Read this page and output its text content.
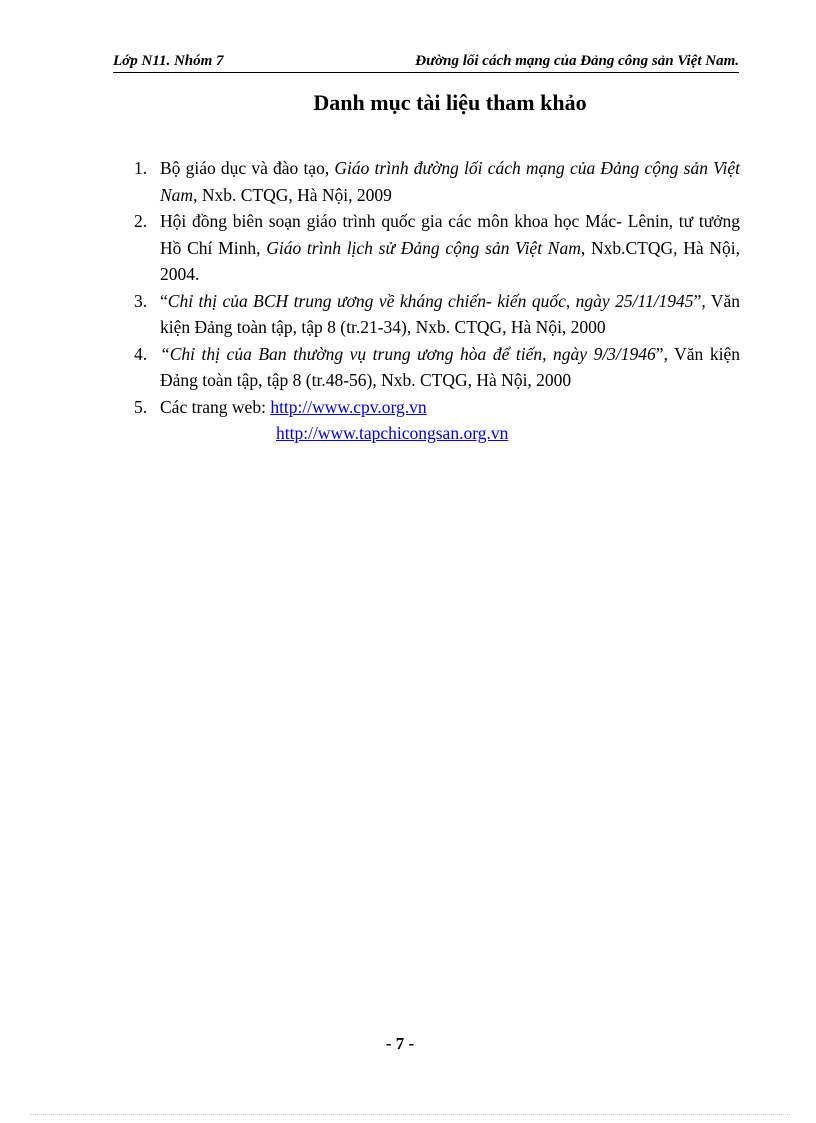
Lớp N11. Nhóm 7	Đường lối cách mạng của Đảng công sản Việt Nam.
Danh mục tài liệu tham khảo
1. Bộ giáo dục và đào tạo, Giáo trình đường lối cách mạng của Đảng cộng sản Việt Nam, Nxb. CTQG, Hà Nội, 2009
2. Hội đồng biên soạn giáo trình quốc gia các môn khoa học Mác- Lênin, tư tưởng Hồ Chí Minh, Giáo trình lịch sử Đảng cộng sản Việt Nam, Nxb.CTQG, Hà Nội, 2004.
3. “Chỉ thị của BCH trung ương về kháng chiến- kiến quốc, ngày 25/11/1945”, Văn kiện Đảng toàn tập, tập 8 (tr.21-34), Nxb. CTQG, Hà Nội, 2000
4. “Chỉ thị của Ban thường vụ trung ương hòa để tiến, ngày 9/3/1946”, Văn kiện Đảng toàn tập, tập 8 (tr.48-56), Nxb. CTQG, Hà Nội, 2000
5. Các trang web: http://www.cpv.org.vn
http://www.tapchicongsan.org.vn
- 7 -
